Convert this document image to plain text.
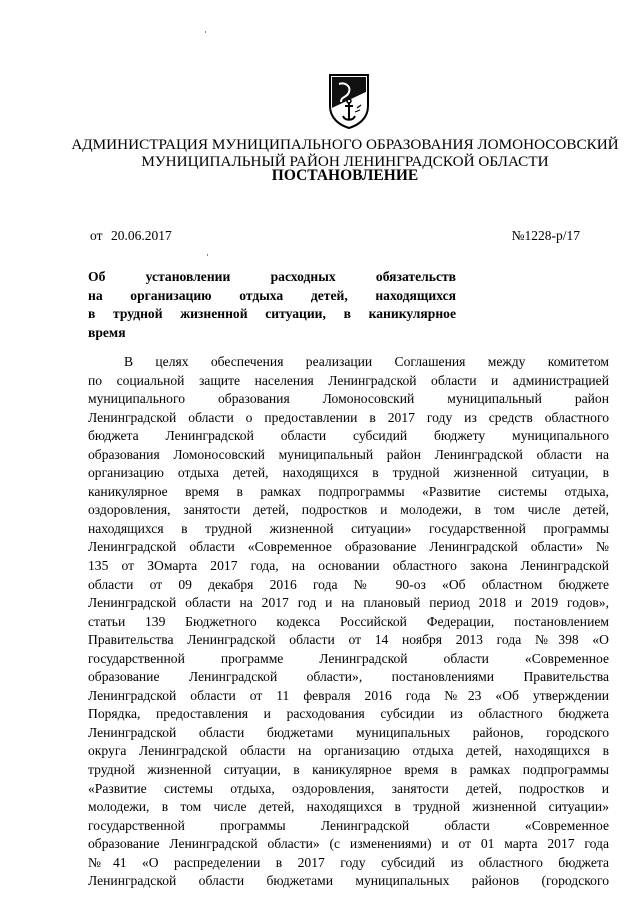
АДМИНИСТРАЦИЯ МУНИЦИПАЛЬНОГО ОБРАЗОВАНИЯ ЛОМОНОСОВСКИЙ
МУНИЦИПАЛЬНЫЙ РАЙОН ЛЕНИНГРАДСКОЙ ОБЛАСТИ
ПОСТАНОВЛЕНИЕ
от 20.06.2017	№1228-р/17
Об установлении расходных обязательств
на организацию отдыха детей, находящихся
в трудной жизненной ситуации, в каникулярное
время
В целях обеспечения реализации Соглашения между комитетом
по социальной защите населения Ленинградской области и администрацией
муниципального образования Ломоносовский муниципальный район
Ленинградской области о предоставлении в 2017 году из средств областного
бюджета Ленинградской области субсидий бюджету муниципального
образования Ломоносовский муниципальный район Ленинградской области на
организацию отдыха детей, находящихся в трудной жизненной ситуации, в
каникулярное время в рамках подпрограммы «Развитие системы отдыха,
оздоровления, занятости детей, подростков и молодежи, в том числе детей,
находящихся в трудной жизненной ситуации» государственной программы
Ленинградской области «Современное образование Ленинградской области» №
135 от ЗОмарта 2017 года, на основании областного закона Ленинградской
области от 09 декабря 2016 года № 90-оз «Об областном бюджете
Ленинградской области на 2017 год и на плановый период 2018 и 2019 годов»,
статьи 139 Бюджетного кодекса Российской Федерации, постановлением
Правительства Ленинградской области от 14 ноября 2013 года №398 «О
государственной программе Ленинградской области «Современное
образование Ленинградской области», постановлениями Правительства
Ленинградской области от 11 февраля 2016 года №23 «Об утверждении
Порядка, предоставления и расходования субсидии из областного бюджета
Ленинградской области бюджетами муниципальных районов, городского
округа Ленинградской области на организацию отдыха детей, находящихся в
трудной жизненной ситуации, в каникулярное время в рамках подпрограммы
«Развитие системы отдыха, оздоровления, занятости детей, подростков и
молодежи, в том числе детей, находящихся в трудной жизненной ситуации»
государственной программы Ленинградской области «Современное
образование Ленинградской области» (с изменениями) и от 01 марта 2017 года
№41 «О распределении в 2017 году субсидий из областного бюджета
Ленинградской области бюджетами муниципальных районов (городского
